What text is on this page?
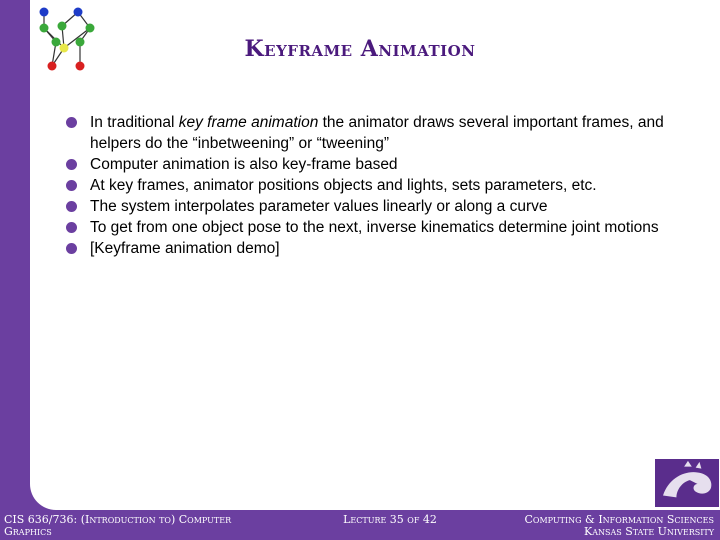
Keyframe Animation
In traditional key frame animation the animator draws several important frames, and helpers do the “inbetweening” or “tweening”
Computer animation is also key-frame based
At key frames, animator positions objects and lights, sets parameters, etc.
The system interpolates parameter values linearly or along a curve
To get from one object pose to the next, inverse kinematics determine joint motions
[Keyframe animation demo]
CIS 636/736: (Introduction to) Computer Graphics
Lecture 35 of 42	Computing & Information Sciences
Kansas State University
